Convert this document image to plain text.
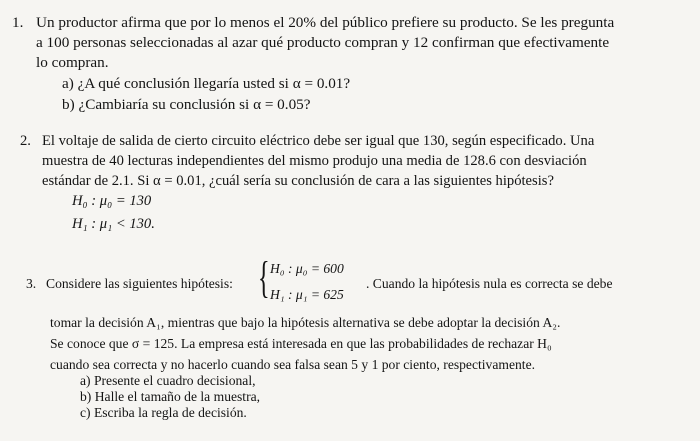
1. Un productor afirma que por lo menos el 20% del público prefiere su producto. Se les pregunta
a 100 personas seleccionadas al azar qué producto compran y 12 confirman que efectivamente
lo compran.
a) ¿A qué conclusión llegaría usted si α = 0.01?
b) ¿Cambiaría su conclusión si α = 0.05?
2. El voltaje de salida de cierto circuito eléctrico debe ser igual que 130, según especificado. Una
muestra de 40 lecturas independientes del mismo produjo una media de 128.6 con desviación
estándar de 2.1. Si α = 0.01, ¿cuál sería su conclusión de cara a las siguientes hipótesis?
H₀ : μ₀ = 130
H₁ : μ₁ < 130.
3. Considere las siguientes hipótesis: { H₀ : μ₀ = 600
H₁ : μ₁ = 625
. Cuando la hipótesis nula es correcta se debe
tomar la decisión A₁, mientras que bajo la hipótesis alternativa se debe adoptar la decisión A₂.
Se conoce que σ = 125. La empresa está interesada en que las probabilidades de rechazar H₀
cuando sea correcta y no hacerlo cuando sea falsa sean 5 y 1 por ciento, respectivamente.
a) Presente el cuadro decisional,
b) Halle el tamaño de la muestra,
c) Escriba la regla de decisión.
